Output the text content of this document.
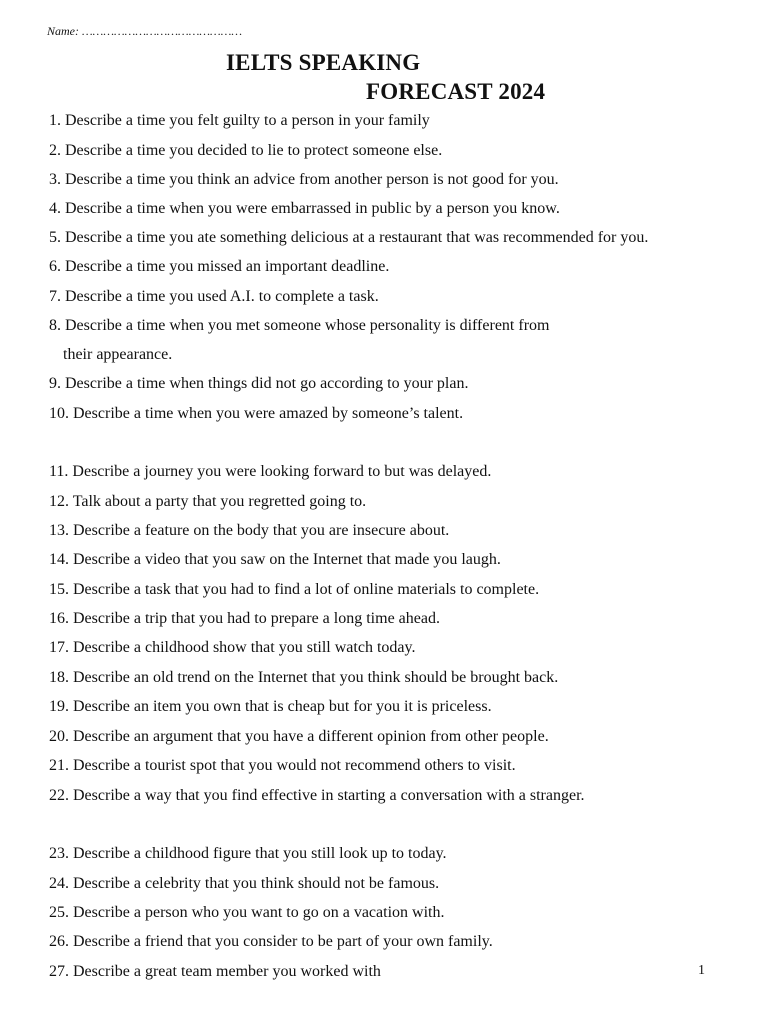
Name: ………………………………………
IELTS SPEAKING
FORECAST 2024
1. Describe a time you felt guilty to a person in your family
2. Describe a time you decided to lie to protect someone else.
3. Describe a time you think an advice from another person is not good for you.
4. Describe a time when you were embarrassed in public by a person you know.
5. Describe a time you ate something delicious at a restaurant that was recommended for you.
6. Describe a time you missed an important deadline.
7. Describe a time you used A.I. to complete a task.
8. Describe a time when you met someone whose personality is different from
their appearance.
9. Describe a time when things did not go according to your plan.
10. Describe a time when you were amazed by someone’s talent.
11. Describe a journey you were looking forward to but was delayed.
12. Talk about a party that you regretted going to.
13. Describe a feature on the body that you are insecure about.
14. Describe a video that you saw on the Internet that made you laugh.
15. Describe a task that you had to find a lot of online materials to complete.
16. Describe a trip that you had to prepare a long time ahead.
17. Describe a childhood show that you still watch today.
18. Describe an old trend on the Internet that you think should be brought back.
19. Describe an item you own that is cheap but for you it is priceless.
20. Describe an argument that you have a different opinion from other people.
21. Describe a tourist spot that you would not recommend others to visit.
22. Describe a way that you find effective in starting a conversation with a stranger.
23. Describe a childhood figure that you still look up to today.
24. Describe a celebrity that you think should not be famous.
25. Describe a person who you want to go on a vacation with.
26. Describe a friend that you consider to be part of your own family.
27. Describe a great team member you worked with	1
